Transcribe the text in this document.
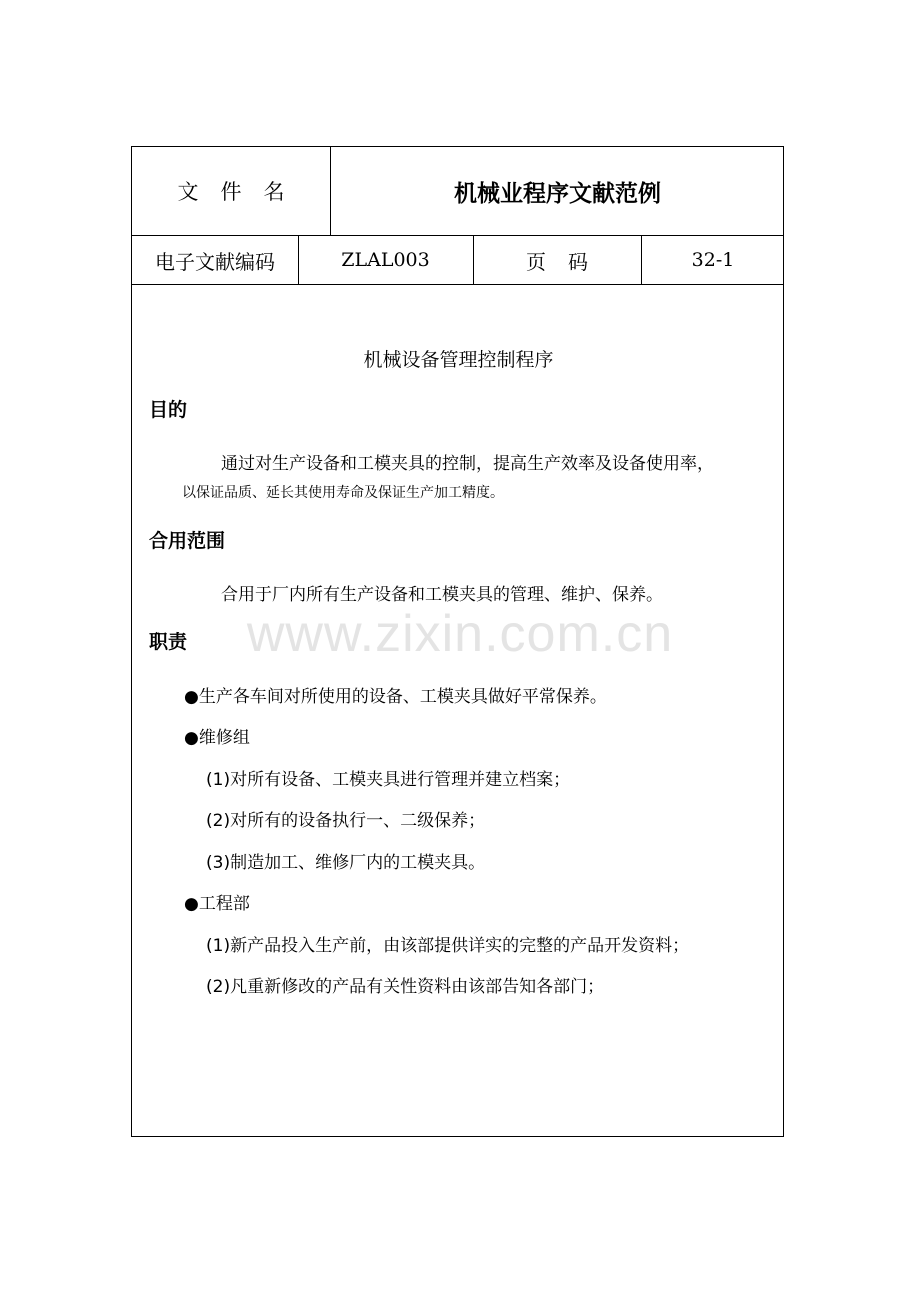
文件名	机械业程序文献范例
电子文献编码	ZLAL003	页码	32-1
机械设备管理控制程序
目的
通过对生产设备和工模夹具的控制，提高生产效率及设备使用率，
以保证品质、延长其使用寿命及保证生产加工精度。
合用范围
合用于厂内所有生产设备和工模夹具的管理、维护、保养。
职责
●生产各车间对所使用的设备、工模夹具做好平常保养。
●维修组
(1)对所有设备、工模夹具进行管理并建立档案；
(2)对所有的设备执行一、二级保养；
(3)制造加工、维修厂内的工模夹具。
●工程部
(1)新产品投入生产前，由该部提供详实的完整的产品开发资料；
(2)凡重新修改的产品有关性资料由该部告知各部门；
www.zixin.com.cn
